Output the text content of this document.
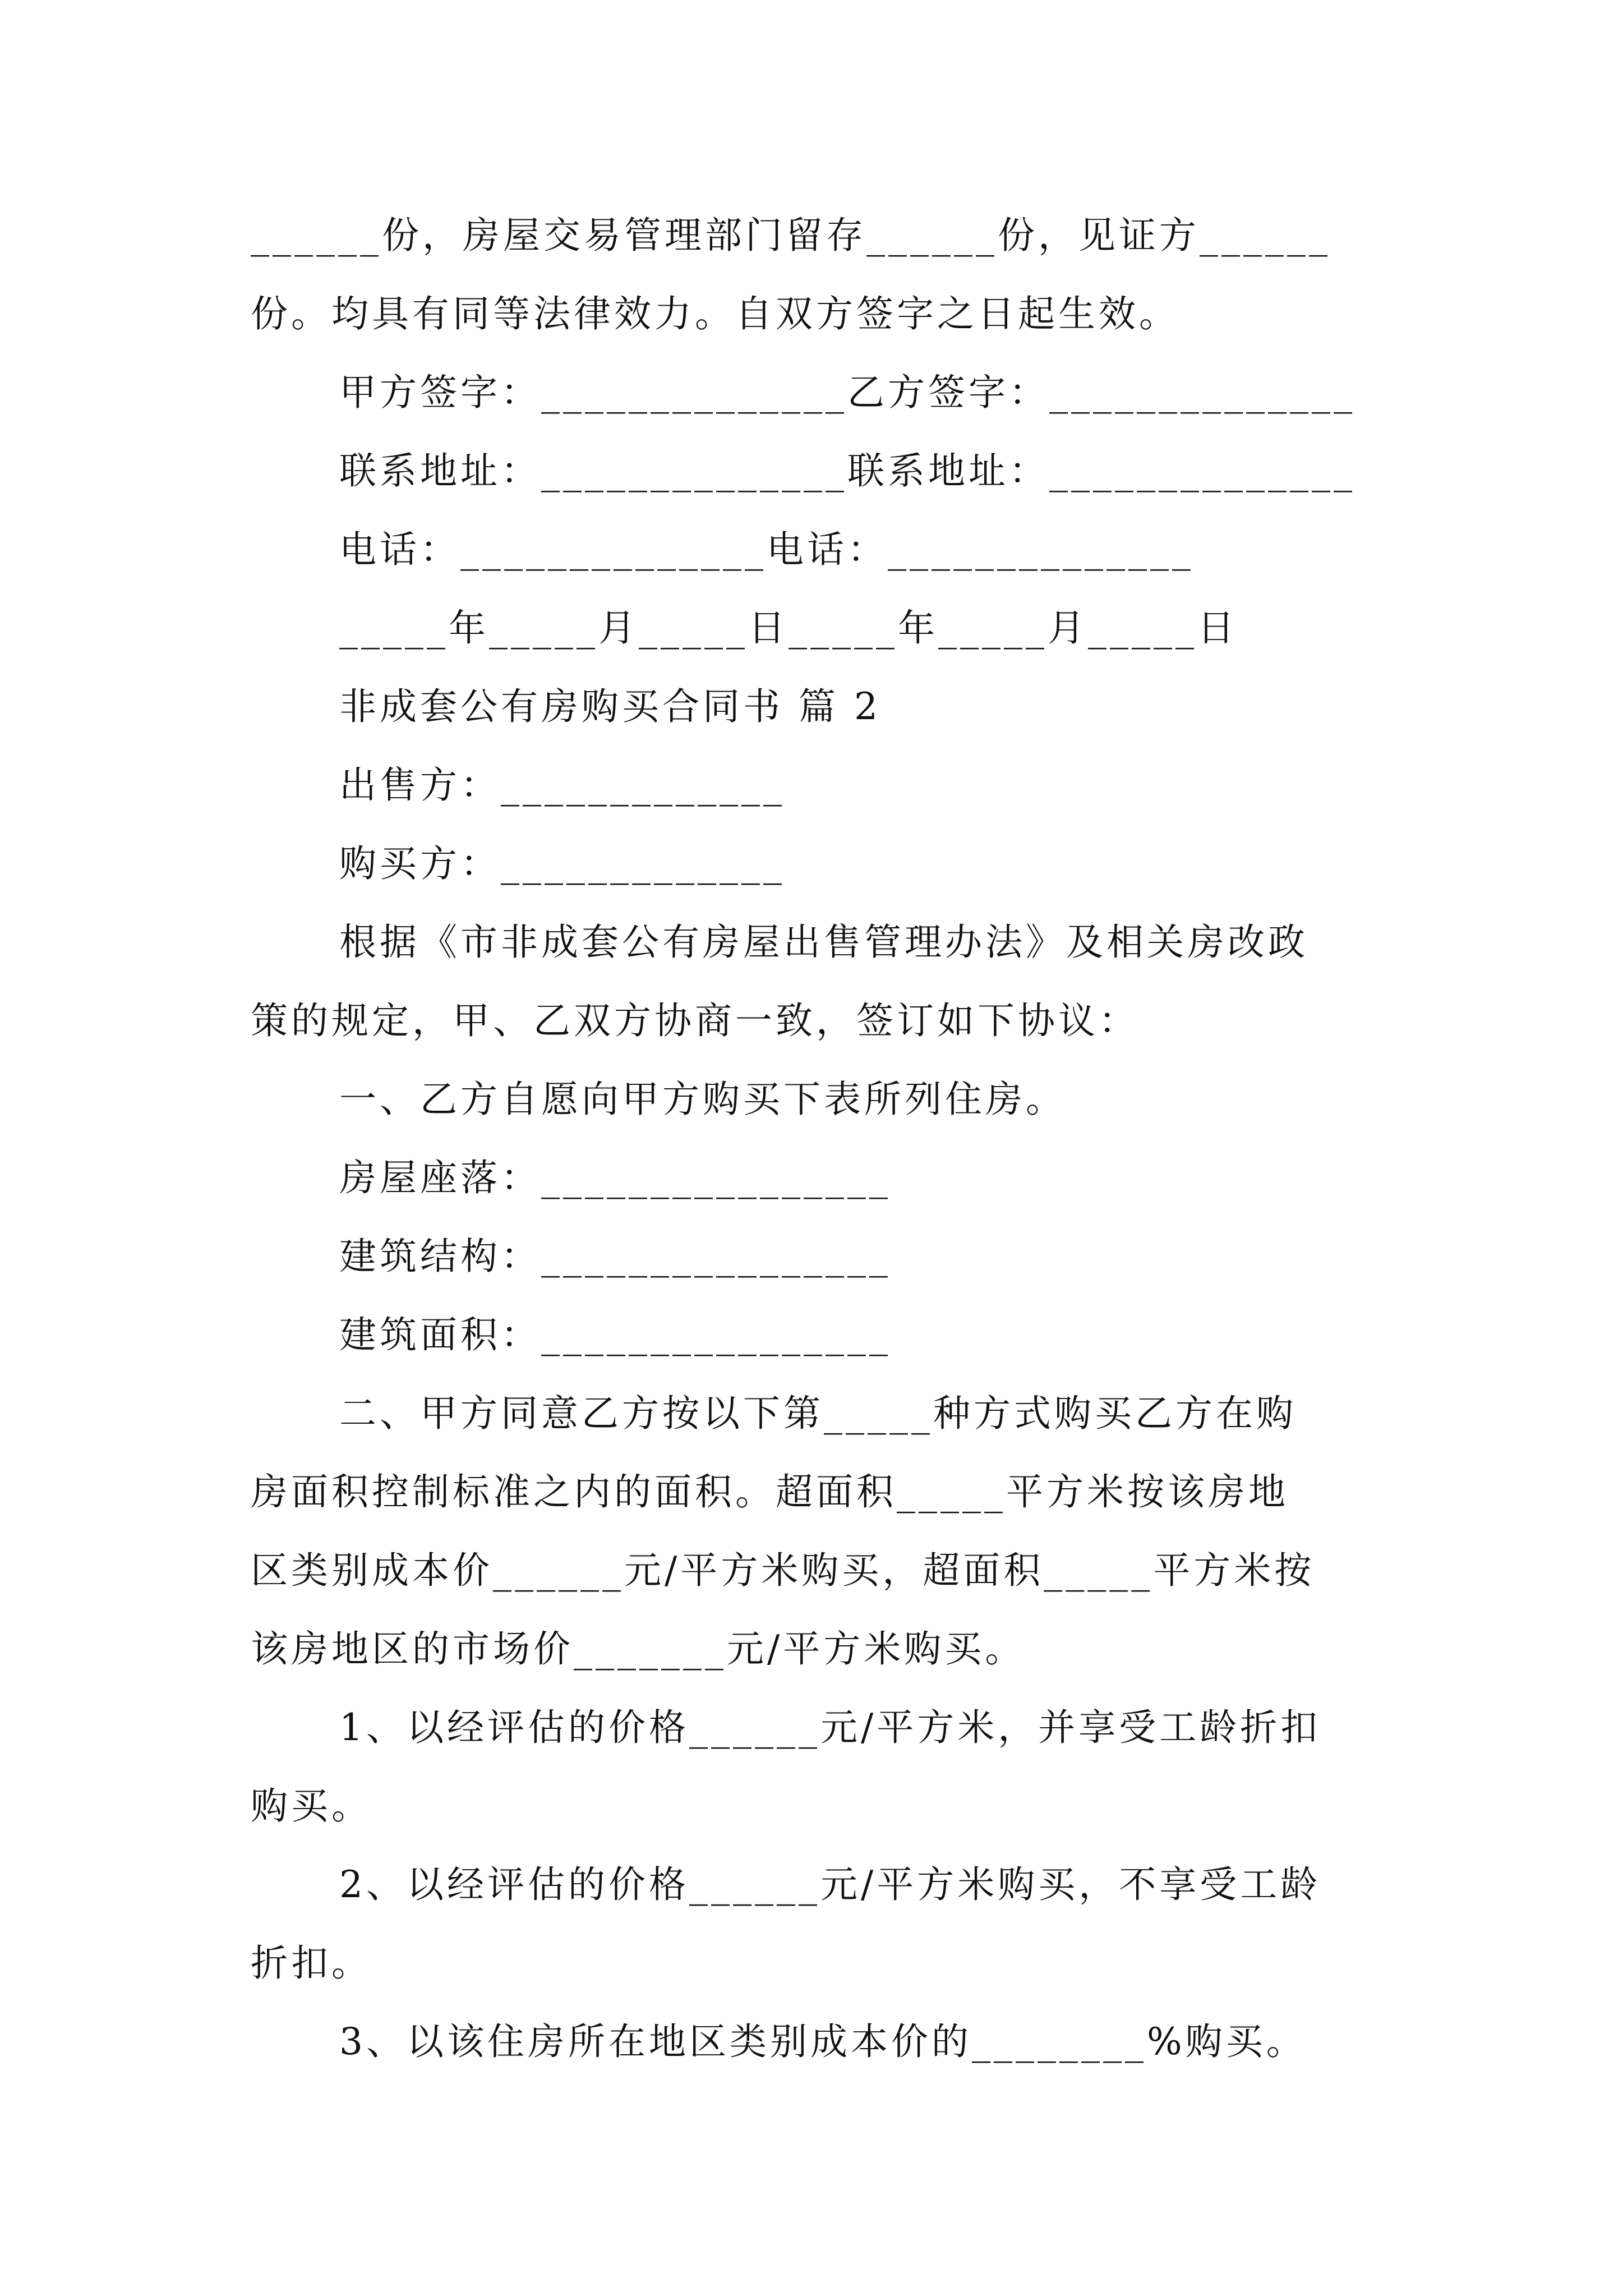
______份，房屋交易管理部门留存______份，见证方______
份。均具有同等法律效力。自双方签字之日起生效。
甲方签字：______________乙方签字：______________
联系地址：______________联系地址：______________
电话：______________电话：______________
_____年_____月_____日_____年_____月_____日
非成套公有房购买合同书 篇 2
出售方：_____________
购买方：_____________
根据《市非成套公有房屋出售管理办法》及相关房改政
策的规定，甲、乙双方协商一致，签订如下协议：
一、乙方自愿向甲方购买下表所列住房。
房屋座落：________________
建筑结构：________________
建筑面积：________________
二、甲方同意乙方按以下第_____种方式购买乙方在购
房面积控制标准之内的面积。超面积_____平方米按该房地
区类别成本价______元/平方米购买，超面积_____平方米按
该房地区的市场价_______元/平方米购买。
1、以经评估的价格______元/平方米，并享受工龄折扣
购买。
2、以经评估的价格______元/平方米购买，不享受工龄
折扣。
3、以该住房所在地区类别成本价的________%购买。
